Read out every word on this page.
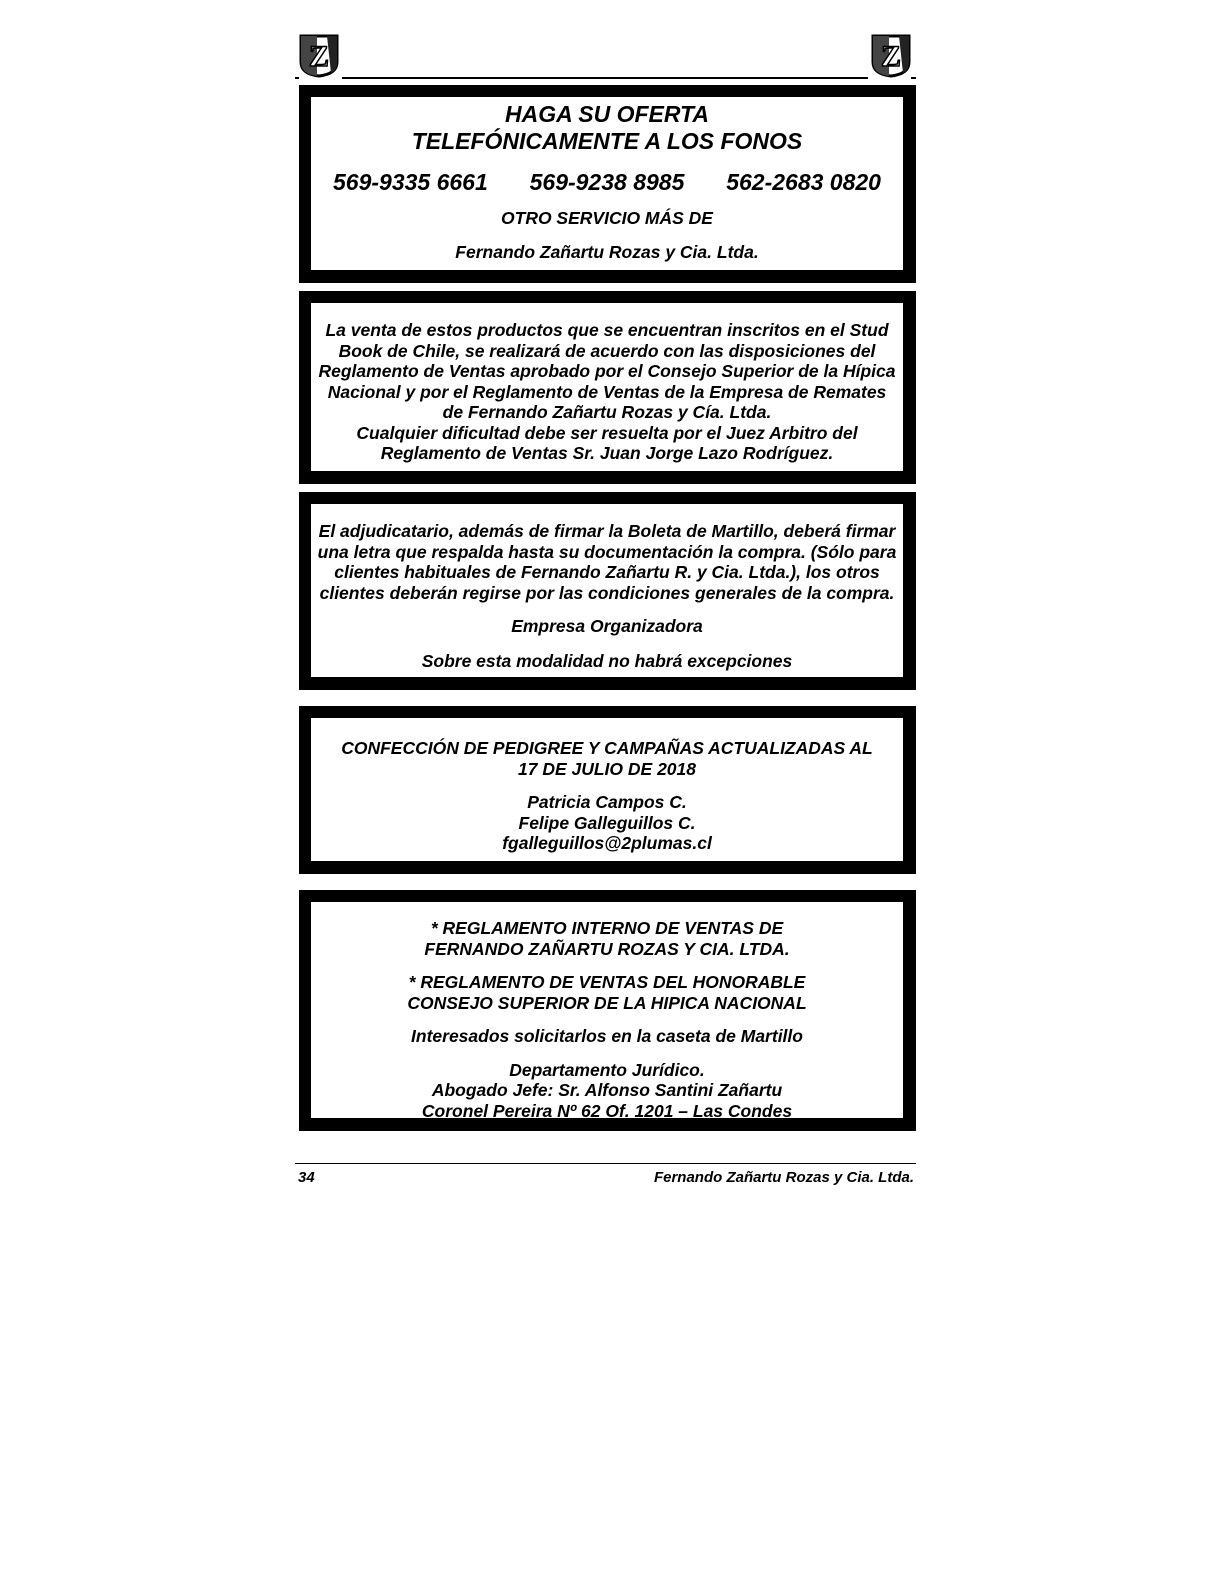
Z	Z

HAGA SU OFERTA

TELEFÓNICAMENTE A LOS FONOS

569-9335 6661 569-9238 8985 562-2683 0820

OTRO SERVICIO MÁS DE

Fernando Zañartu Rozas y Cia. Ltda.

La venta de estos productos que se encuentran inscritos en el Stud

Book de Chile, se realizará de acuerdo con las disposiciones del

Reglamento de Ventas aprobado por el Consejo Superior de la Hípica

Nacional y por el Reglamento de Ventas de la Empresa de Remates

de Fernando Zañartu Rozas y Cía. Ltda.

Cualquier dificultad debe ser resuelta por el Juez Arbitro del

Reglamento de Ventas Sr. Juan Jorge Lazo Rodríguez.

El adjudicatario, además de firmar la Boleta de Martillo, deberá firmar

una letra que respalda hasta su documentación la compra. (Sólo para

clientes habituales de Fernando Zañartu R. y Cia. Ltda.), los otros

clientes deberán regirse por las condiciones generales de la compra.

Empresa Organizadora

Sobre esta modalidad no habrá excepciones

CONFECCIÓN DE PEDIGREE Y CAMPAÑAS ACTUALIZADAS AL

17 DE JULIO DE 2018

Patricia Campos C.

Felipe Galleguillos C.

fgalleguillos@2plumas.cl

* REGLAMENTO INTERNO DE VENTAS DE

FERNANDO ZAÑARTU ROZAS Y CIA. LTDA.

* REGLAMENTO DE VENTAS DEL HONORABLE

CONSEJO SUPERIOR DE LA HIPICA NACIONAL

Interesados solicitarlos en la caseta de Martillo

Departamento Jurídico.

Abogado Jefe: Sr. Alfonso Santini Zañartu

Coronel Pereira Nº 62 Of. 1201 – Las Condes

34	Fernando Zañartu Rozas y Cia. Ltda.
